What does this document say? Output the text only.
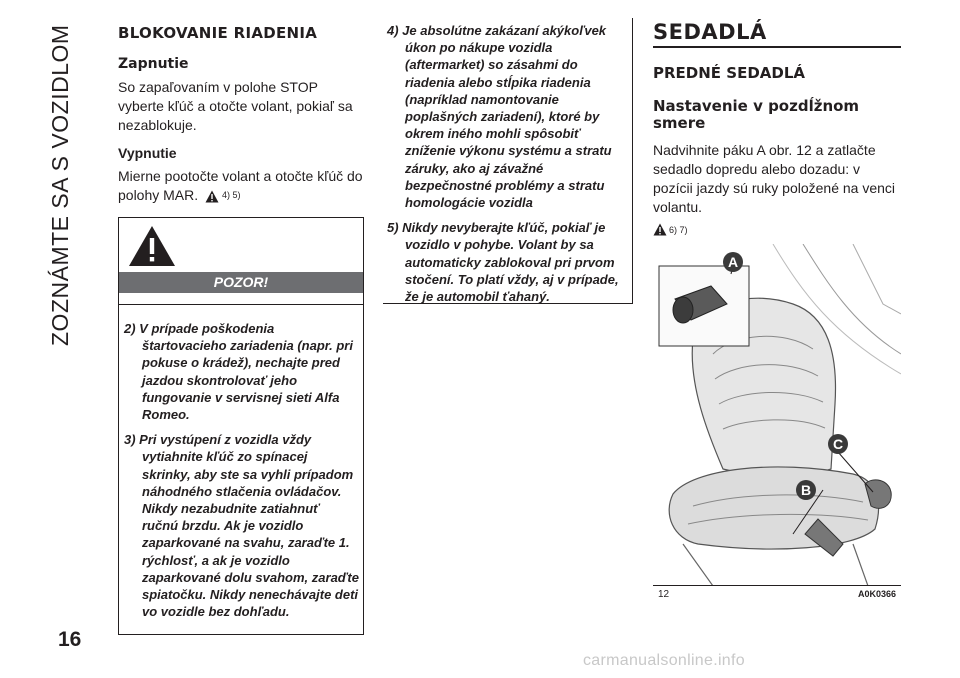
ZOZNÁMTE SA S VOZIDLOM
16
carmanualsonline.info
BLOKOVANIE RIADENIA
Zapnutie
So zapaľovaním v polohe STOP vyberte kľúč a otočte volant, pokiaľ sa nezablokuje.
Vypnutie
Mierne pootočte volant a otočte kľúč do polohy MAR.	4) 5)
POZOR!
2) V prípade poškodenia štartovacieho zariadenia (napr. pri pokuse o krádež), nechajte pred jazdou skontrolovať jeho fungovanie v servisnej sieti Alfa Romeo.
3) Pri vystúpení z vozidla vždy vytiahnite kľúč zo spínacej skrinky, aby ste sa vyhli prípadom náhodného stlačenia ovládačov. Nikdy nezabudnite zatiahnuť ručnú brzdu. Ak je vozidlo zaparkované na svahu, zaraďte 1. rýchlosť, a ak je vozidlo zaparkované dolu svahom, zaraďte spiatočku. Nikdy nenechávajte deti vo vozidle bez dohľadu.
4) Je absolútne zakázaní akýkoľvek úkon po nákupe vozidla (aftermarket) so zásahmi do riadenia alebo stĺpika riadenia (napríklad namontovanie poplašných zariadení), ktoré by okrem iného mohli spôsobiť zníženie výkonu systému a stratu záruky, ako aj závažné bezpečnostné problémy a stratu homologácie vozidla
5) Nikdy nevyberajte kľúč, pokiaľ je vozidlo v pohybe. Volant by sa automaticky zablokoval pri prvom stočení. To platí vždy, aj v prípade, že je automobil ťahaný.
SEDADLÁ
PREDNÉ SEDADLÁ
Nastavenie v pozdĺžnom smere
Nadvihnite páku A obr. 12 a zatlačte sedadlo dopredu alebo dozadu: v pozícii jazdy sú ruky položené na venci volantu.
6) 7)
A
B
C
12	A0K0366
